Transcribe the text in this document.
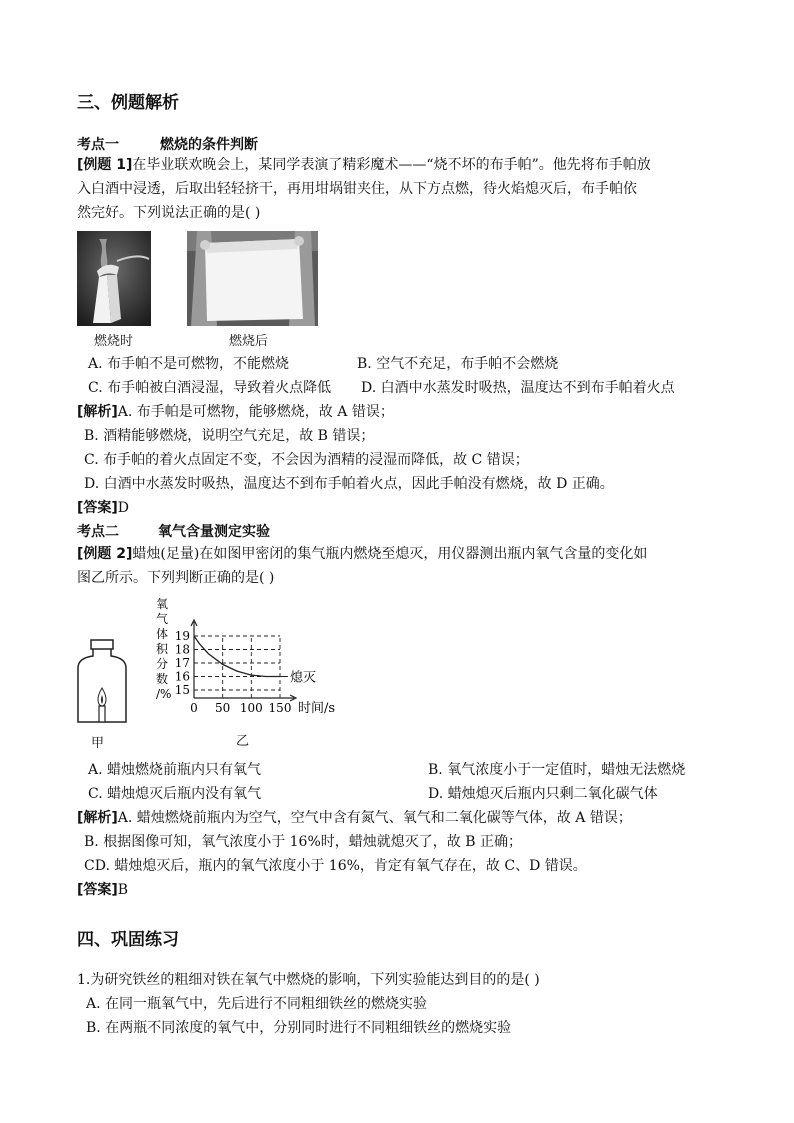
三、例题解析
考点一	燃烧的条件判断
[例题 1]在毕业联欢晚会上，某同学表演了精彩魔术——“烧不坏的布手帕”。他先将布手帕放
入白酒中浸透，后取出轻轻挤干，再用坩埚钳夹住，从下方点燃，待火焰熄灭后，布手帕依
然完好。下列说法正确的是( )
燃烧时	燃烧后
A. 布手帕不是可燃物，不能燃烧	B. 空气不充足，布手帕不会燃烧
C. 布手帕被白酒浸湿，导致着火点降低 D. 白酒中水蒸发时吸热，温度达不到布手帕着火点
[解析]A. 布手帕是可燃物，能够燃烧，故 A 错误；
B. 酒精能够燃烧，说明空气充足，故 B 错误；
C. 布手帕的着火点固定不变，不会因为酒精的浸湿而降低，故 C 错误；
D. 白酒中水蒸发时吸热，温度达不到布手帕着火点，因此手帕没有燃烧，故 D 正确。
[答案]D
考点二	氧气含量测定实验
[例题 2]蜡烛(足量)在如图甲密闭的集气瓶内燃烧至熄灭，用仪器测出瓶内氧气含量的变化如
图乙所示。下列判断正确的是( )
甲
氧
气
体
积
分
数
/% 15
16
17
18
19
0 50 100 150
熄灭
时间/s
乙
A. 蜡烛燃烧前瓶内只有氧气	B. 氧气浓度小于一定值时，蜡烛无法燃烧
C. 蜡烛熄灭后瓶内没有氧气	D. 蜡烛熄灭后瓶内只剩二氧化碳气体
[解析]A. 蜡烛燃烧前瓶内为空气，空气中含有氮气、氧气和二氧化碳等气体，故 A 错误；
B. 根据图像可知，氧气浓度小于 16%时，蜡烛就熄灭了，故 B 正确；
CD. 蜡烛熄灭后，瓶内的氧气浓度小于 16%，肯定有氧气存在，故 C、D 错误。
[答案]B
四、巩固练习
1.为研究铁丝的粗细对铁在氧气中燃烧的影响，下列实验能达到目的的是( )
A. 在同一瓶氧气中，先后进行不同粗细铁丝的燃烧实验
B. 在两瓶不同浓度的氧气中，分别同时进行不同粗细铁丝的燃烧实验
